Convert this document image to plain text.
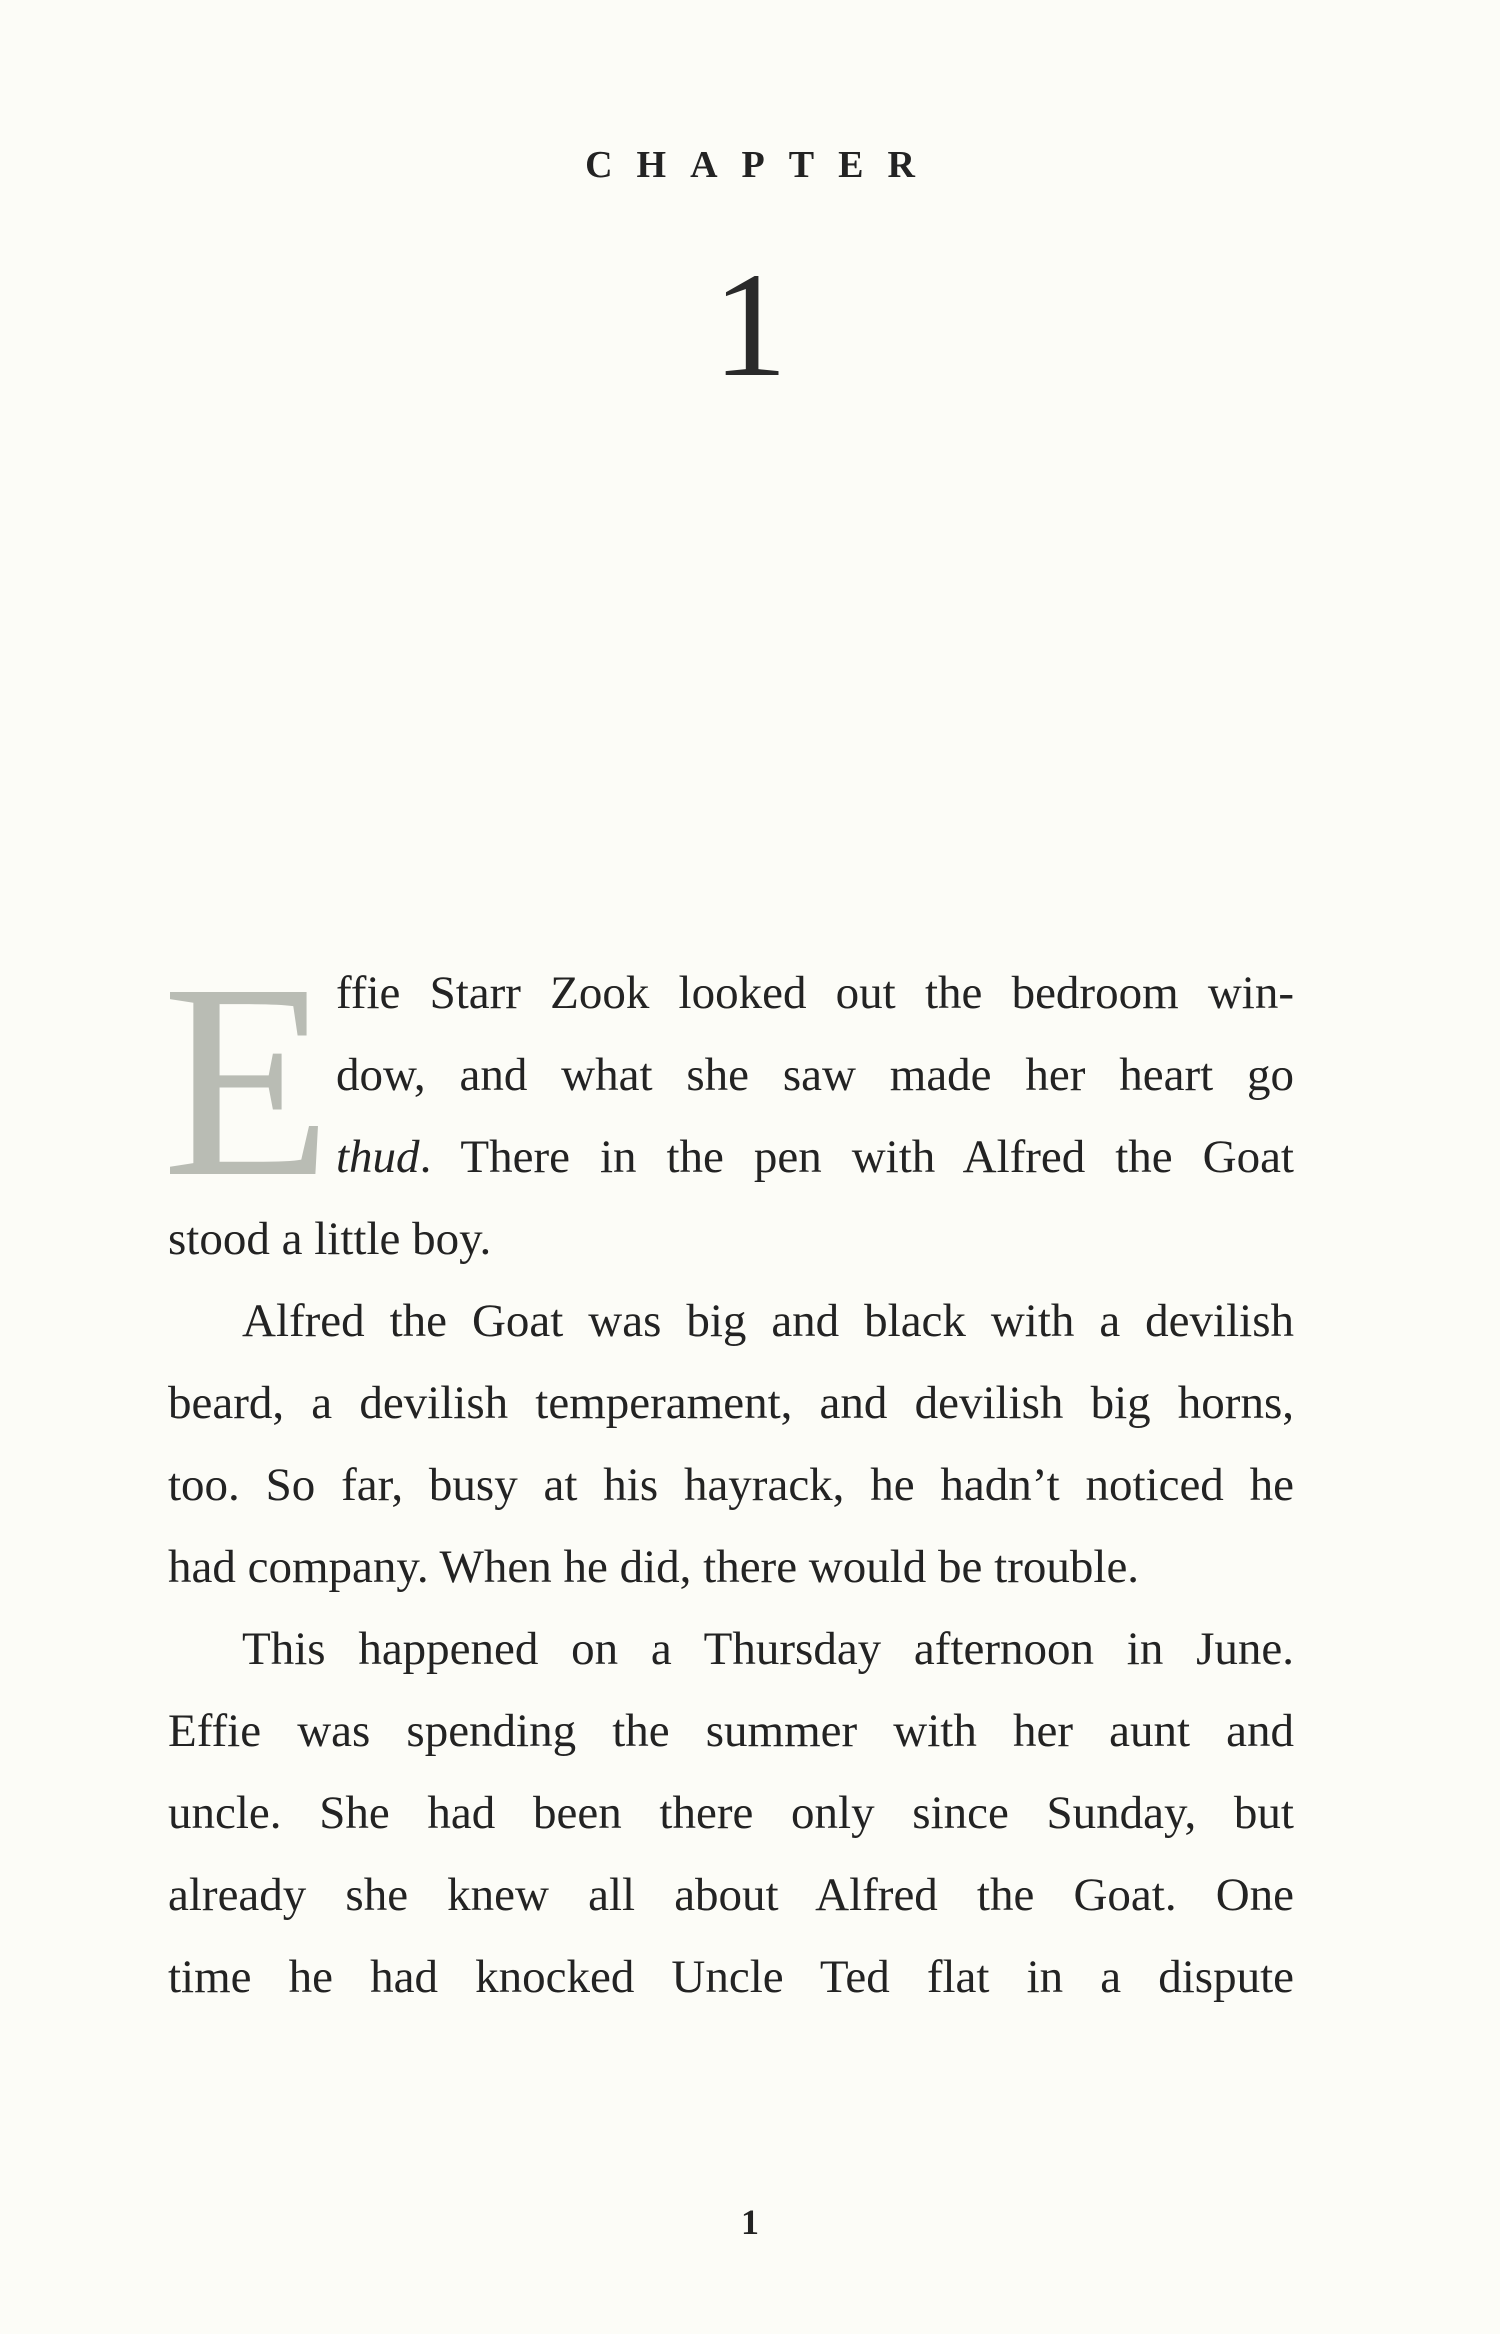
CHAPTER
1
E ffie Starr Zook looked out the bedroom win-
dow, and what she saw made her heart go
thud. There in the pen with Alfred the Goat
stood a little boy.
Alfred the Goat was big and black with a devilish
beard, a devilish temperament, and devilish big horns,
too. So far, busy at his hayrack, he hadn’t noticed he
had company. When he did, there would be trouble.
This happened on a Thursday afternoon in June.
Effie was spending the summer with her aunt and
uncle. She had been there only since Sunday, but
already she knew all about Alfred the Goat. One
time he had knocked Uncle Ted flat in a dispute
1
